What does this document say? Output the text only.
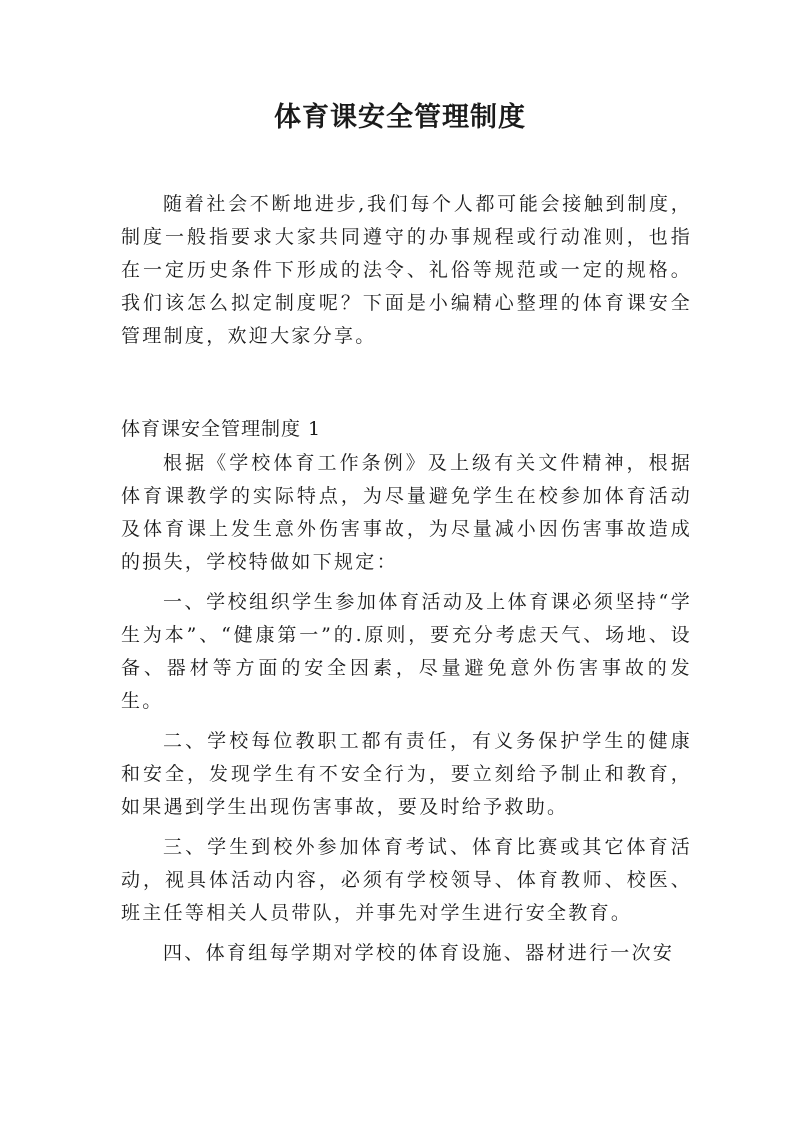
体育课安全管理制度

随着社会不断地进步,我们每个人都可能会接触到制度，制度一般指要求大家共同遵守的办事规程或行动准则，也指在一定历史条件下形成的法令、礼俗等规范或一定的规格。我们该怎么拟定制度呢？下面是小编精心整理的体育课安全管理制度，欢迎大家分享。

体育课安全管理制度 1

根据《学校体育工作条例》及上级有关文件精神，根据体育课教学的实际特点，为尽量避免学生在校参加体育活动及体育课上发生意外伤害事故，为尽量减小因伤害事故造成的损失，学校特做如下规定：

一、学校组织学生参加体育活动及上体育课必须坚持“学生为本”、“健康第一”的.原则，要充分考虑天气、场地、设备、器材等方面的安全因素，尽量避免意外伤害事故的发生。

二、学校每位教职工都有责任，有义务保护学生的健康和安全，发现学生有不安全行为，要立刻给予制止和教育，如果遇到学生出现伤害事故，要及时给予救助。

三、学生到校外参加体育考试、体育比赛或其它体育活动，视具体活动内容，必须有学校领导、体育教师、校医、班主任等相关人员带队，并事先对学生进行安全教育。

四、体育组每学期对学校的体育设施、器材进行一次安
